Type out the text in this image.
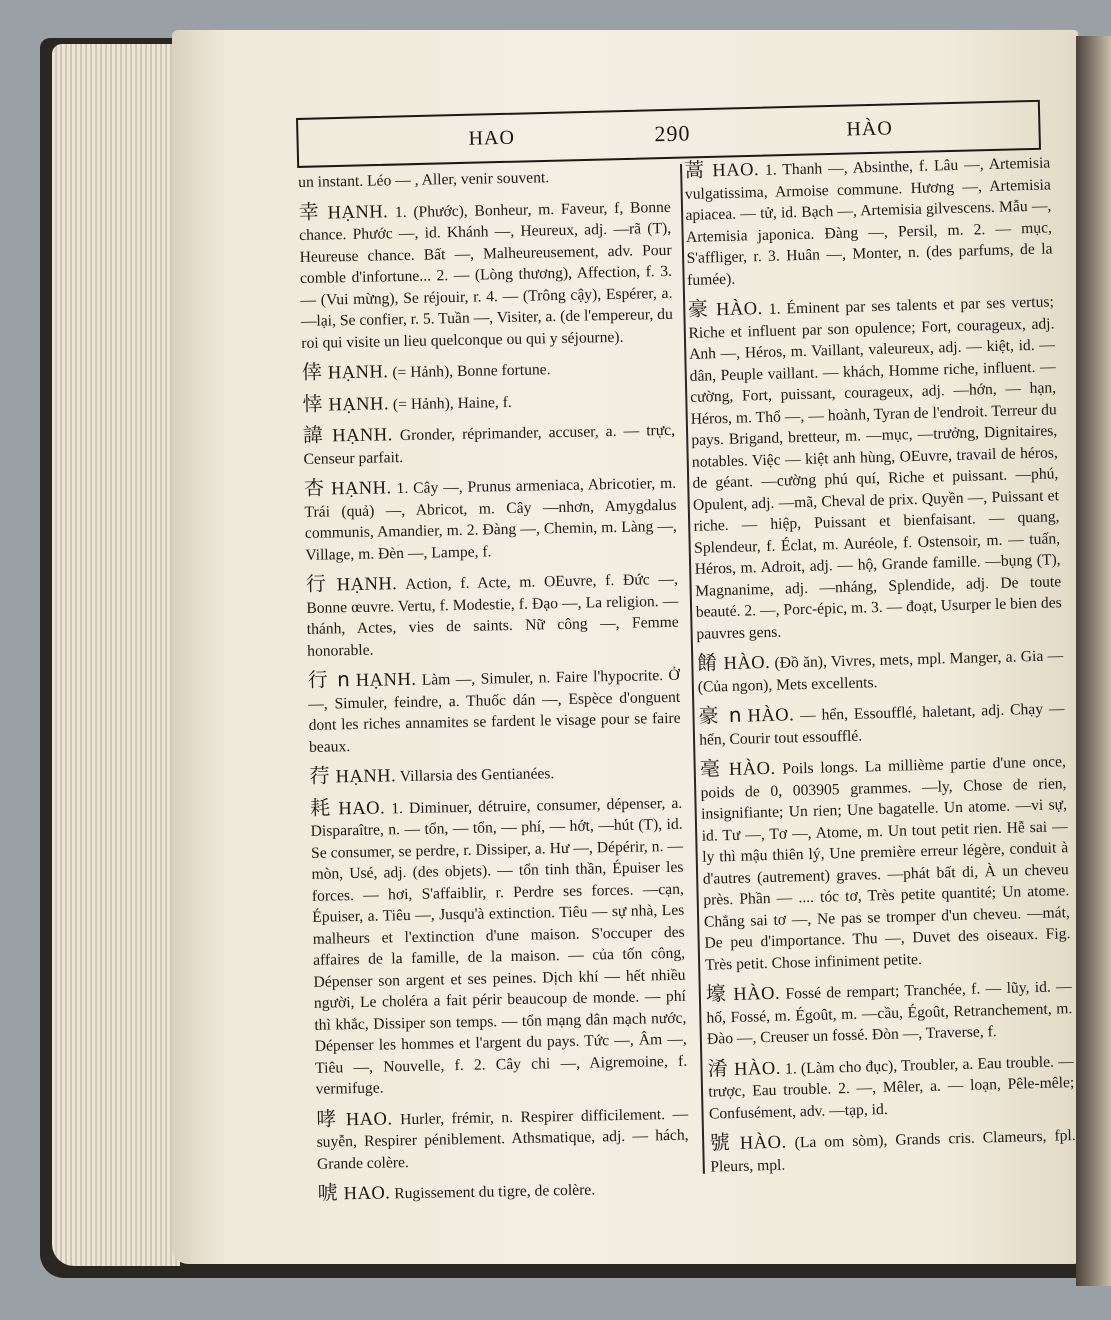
HAO	290	HÀO

un instant. Léo — , Aller, venir souvent.

幸 HẠNH. 1. (Phước), Bonheur, m. Faveur, f, Bonne chance. Phước —, id. Khánh —, Heureux, adj. —rã (T), Heureuse chance. Bất —, Malheureusement, adv. Pour comble d'infortune... 2. — (Lòng thương), Affection, f. 3. — (Vui mừng), Se réjouir, r. 4. — (Trông cậy), Espérer, a. —lại, Se confier, r. 5. Tuần —, Visiter, a. (de l'empereur, du roi qui visite un lieu quelconque ou qui y séjourne).

倖 HẠNH. (= Hảnh), Bonne fortune.

悻 HẠNH. (= Hảnh), Haine, f.

諱 HẠNH. Gronder, réprimander, accuser, a. — trực, Censeur parfait.

杏 HẠNH. 1. Cây —, Prunus armeniaca, Abricotier, m. Trái (quả) —, Abricot, m. Cây —nhơn, Amygdalus communis, Amandier, m. 2. Đàng —, Chemin, m. Làng —, Village, m. Đèn —, Lampe, f.

行 HẠNH. Action, f. Acte, m. OEuvre, f. Đức —, Bonne œuvre. Vertu, f. Modestie, f. Đạo —, La religion. —thánh, Actes, vies de saints. Nữ công —, Femme honorable.

行 n HẠNH. Làm —, Simuler, n. Faire l'hypocrite. Ở —, Simuler, feindre, a. Thuốc dán —, Espèce d'onguent dont les riches annamites se fardent le visage pour se faire beaux.

荇 HẠNH. Villarsia des Gentianées.

耗 HAO. 1. Diminuer, détruire, consumer, dépenser, a. Disparaître, n. — tổn, — tổn, — phí, — hớt, —hút (T), id. Se consumer, se perdre, r. Dissiper, a. Hư —, Dépérir, n. —mòn, Usé, adj. (des objets). — tổn tinh thần, Épuiser les forces. — hơi, S'affaiblir, r. Perdre ses forces. —cạn, Épuiser, a. Tiêu —, Jusqu'à extinction. Tiêu — sự nhà, Les malheurs et l'extinction d'une maison. S'occuper des affaires de la famille, de la maison. — của tốn công, Dépenser son argent et ses peines. Dịch khí — hết nhiều người, Le choléra a fait périr beaucoup de monde. — phí thì khắc, Dissiper son temps. — tổn mạng dân mạch nước, Dépenser les hommes et l'argent du pays. Tức —, Âm —, Tiêu —, Nouvelle, f. 2. Cây chi —, Aigremoine, f. vermifuge.

哮 HAO. Hurler, frémir, n. Respirer difficilement. —suyễn, Respirer péniblement. Athsmatique, adj. — hách, Grande colère.

唬 HAO. Rugissement du tigre, de colère.

蒿 HAO. 1. Thanh —, Absinthe, f. Lâu —, Artemisia vulgatissima, Armoise commune. Hương —, Artemisia apiacea. — tử, id. Bạch —, Artemisia gilvescens. Mẫu —, Artemisia japonica. Đàng —, Persil, m. 2. — mục, S'affliger, r. 3. Huân —, Monter, n. (des parfums, de la fumée).

豪 HÀO. 1. Éminent par ses talents et par ses vertus; Riche et influent par son opulence; Fort, courageux, adj. Anh —, Héros, m. Vaillant, valeureux, adj. — kiệt, id. — dân, Peuple vaillant. — khách, Homme riche, influent. — cường, Fort, puissant, courageux, adj. —hớn, — hạn, Héros, m. Thổ —, — hoành, Tyran de l'endroit. Terreur du pays. Brigand, bretteur, m. —mục, —trưởng, Dignitaires, notables. Việc — kiệt anh hùng, OEuvre, travail de héros, de géant. —cường phú quí, Riche et puissant. —phú, Opulent, adj. —mã, Cheval de prix. Quyền —, Puissant et riche. — hiệp, Puissant et bienfaisant. — quang, Splendeur, f. Éclat, m. Auréole, f. Ostensoir, m. — tuấn, Héros, m. Adroit, adj. — hộ, Grande famille. —bụng (T), Magnanime, adj. —nháng, Splendide, adj. De toute beauté. 2. —, Porc-épic, m. 3. — đoạt, Usurper le bien des pauvres gens.

餚 HÀO. (Đồ ăn), Vivres, mets, mpl. Manger, a. Gia — (Của ngon), Mets excellents.

豪 n HÀO. — hển, Essoufflé, haletant, adj. Chạy — hển, Courir tout essoufflé.

毫 HÀO. Poils longs. La millième partie d'une once, poids de 0, 003905 grammes. —ly, Chose de rien, insignifiante; Un rien; Une bagatelle. Un atome. —vi sự, id. Tư —, Tơ —, Atome, m. Un tout petit rien. Hễ sai — ly thì mậu thiên lý, Une première erreur légère, conduit à d'autres (autrement) graves. —phát bất di, À un cheveu près. Phần — .... tóc tơ, Très petite quantité; Un atome. Chẳng sai tơ —, Ne pas se tromper d'un cheveu. —mát, De peu d'importance. Thu —, Duvet des oiseaux. Fig. Très petit. Chose infiniment petite.

壕 HÀO. Fossé de rempart; Tranchée, f. — lũy, id. — hố, Fossé, m. Égoût, m. —cầu, Égoût, Retranchement, m. Đào —, Creuser un fossé. Đòn —, Traverse, f.

淆 HÀO. 1. (Làm cho đục), Troubler, a. Eau trouble. — trược, Eau trouble. 2. —, Mêler, a. — loạn, Pêle-mêle; Confusément, adv. —tạp, id.

號 HÀO. (La om sòm), Grands cris. Clameurs, fpl. Pleurs, mpl.
